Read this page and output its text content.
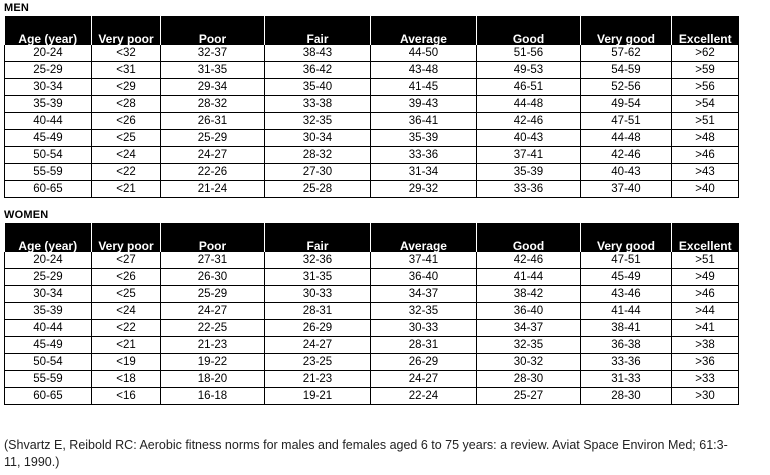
MEN
Age (year)	Very poor	Poor	Fair	Average	Good	Very good	Excellent
20-24	<32	32-37	38-43	44-50	51-56	57-62	>62
25-29	<31	31-35	36-42	43-48	49-53	54-59	>59
30-34	<29	29-34	35-40	41-45	46-51	52-56	>56
35-39	<28	28-32	33-38	39-43	44-48	49-54	>54
40-44	<26	26-31	32-35	36-41	42-46	47-51	>51
45-49	<25	25-29	30-34	35-39	40-43	44-48	>48
50-54	<24	24-27	28-32	33-36	37-41	42-46	>46
55-59	<22	22-26	27-30	31-34	35-39	40-43	>43
60-65	<21	21-24	25-28	29-32	33-36	37-40	>40
WOMEN
Age (year)	Very poor	Poor	Fair	Average	Good	Very good	Excellent
20-24	<27	27-31	32-36	37-41	42-46	47-51	>51
25-29	<26	26-30	31-35	36-40	41-44	45-49	>49
30-34	<25	25-29	30-33	34-37	38-42	43-46	>46
35-39	<24	24-27	28-31	32-35	36-40	41-44	>44
40-44	<22	22-25	26-29	30-33	34-37	38-41	>41
45-49	<21	21-23	24-27	28-31	32-35	36-38	>38
50-54	<19	19-22	23-25	26-29	30-32	33-36	>36
55-59	<18	18-20	21-23	24-27	28-30	31-33	>33
60-65	<16	16-18	19-21	22-24	25-27	28-30	>30
(Shvartz E, Reibold RC: Aerobic fitness norms for males and females aged 6 to 75 years: a review. Aviat Space Environ Med; 61:3-11, 1990.)
